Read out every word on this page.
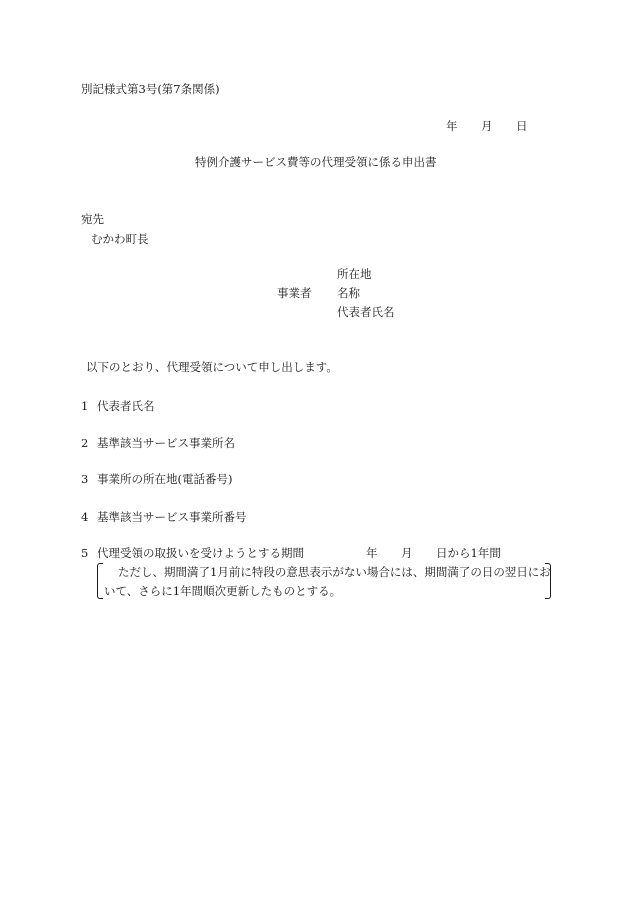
別記様式第3号(第7条関係)
年 月 日
特例介護サービス費等の代理受領に係る申出書
宛先
むかわ町長
事業者
所在地
名称
代表者氏名
以下のとおり、代理受領について申し出します。
1 代表者氏名
2 基準該当サービス事業所名
3 事業所の所在地(電話番号)
4 基準該当サービス事業所番号
5 代理受領の取扱いを受けようとする期間	年 月 日から1年間
ただし、期間満了1月前に特段の意思表示がない場合には、期間満了の日の翌日にお
いて、さらに1年間順次更新したものとする。
